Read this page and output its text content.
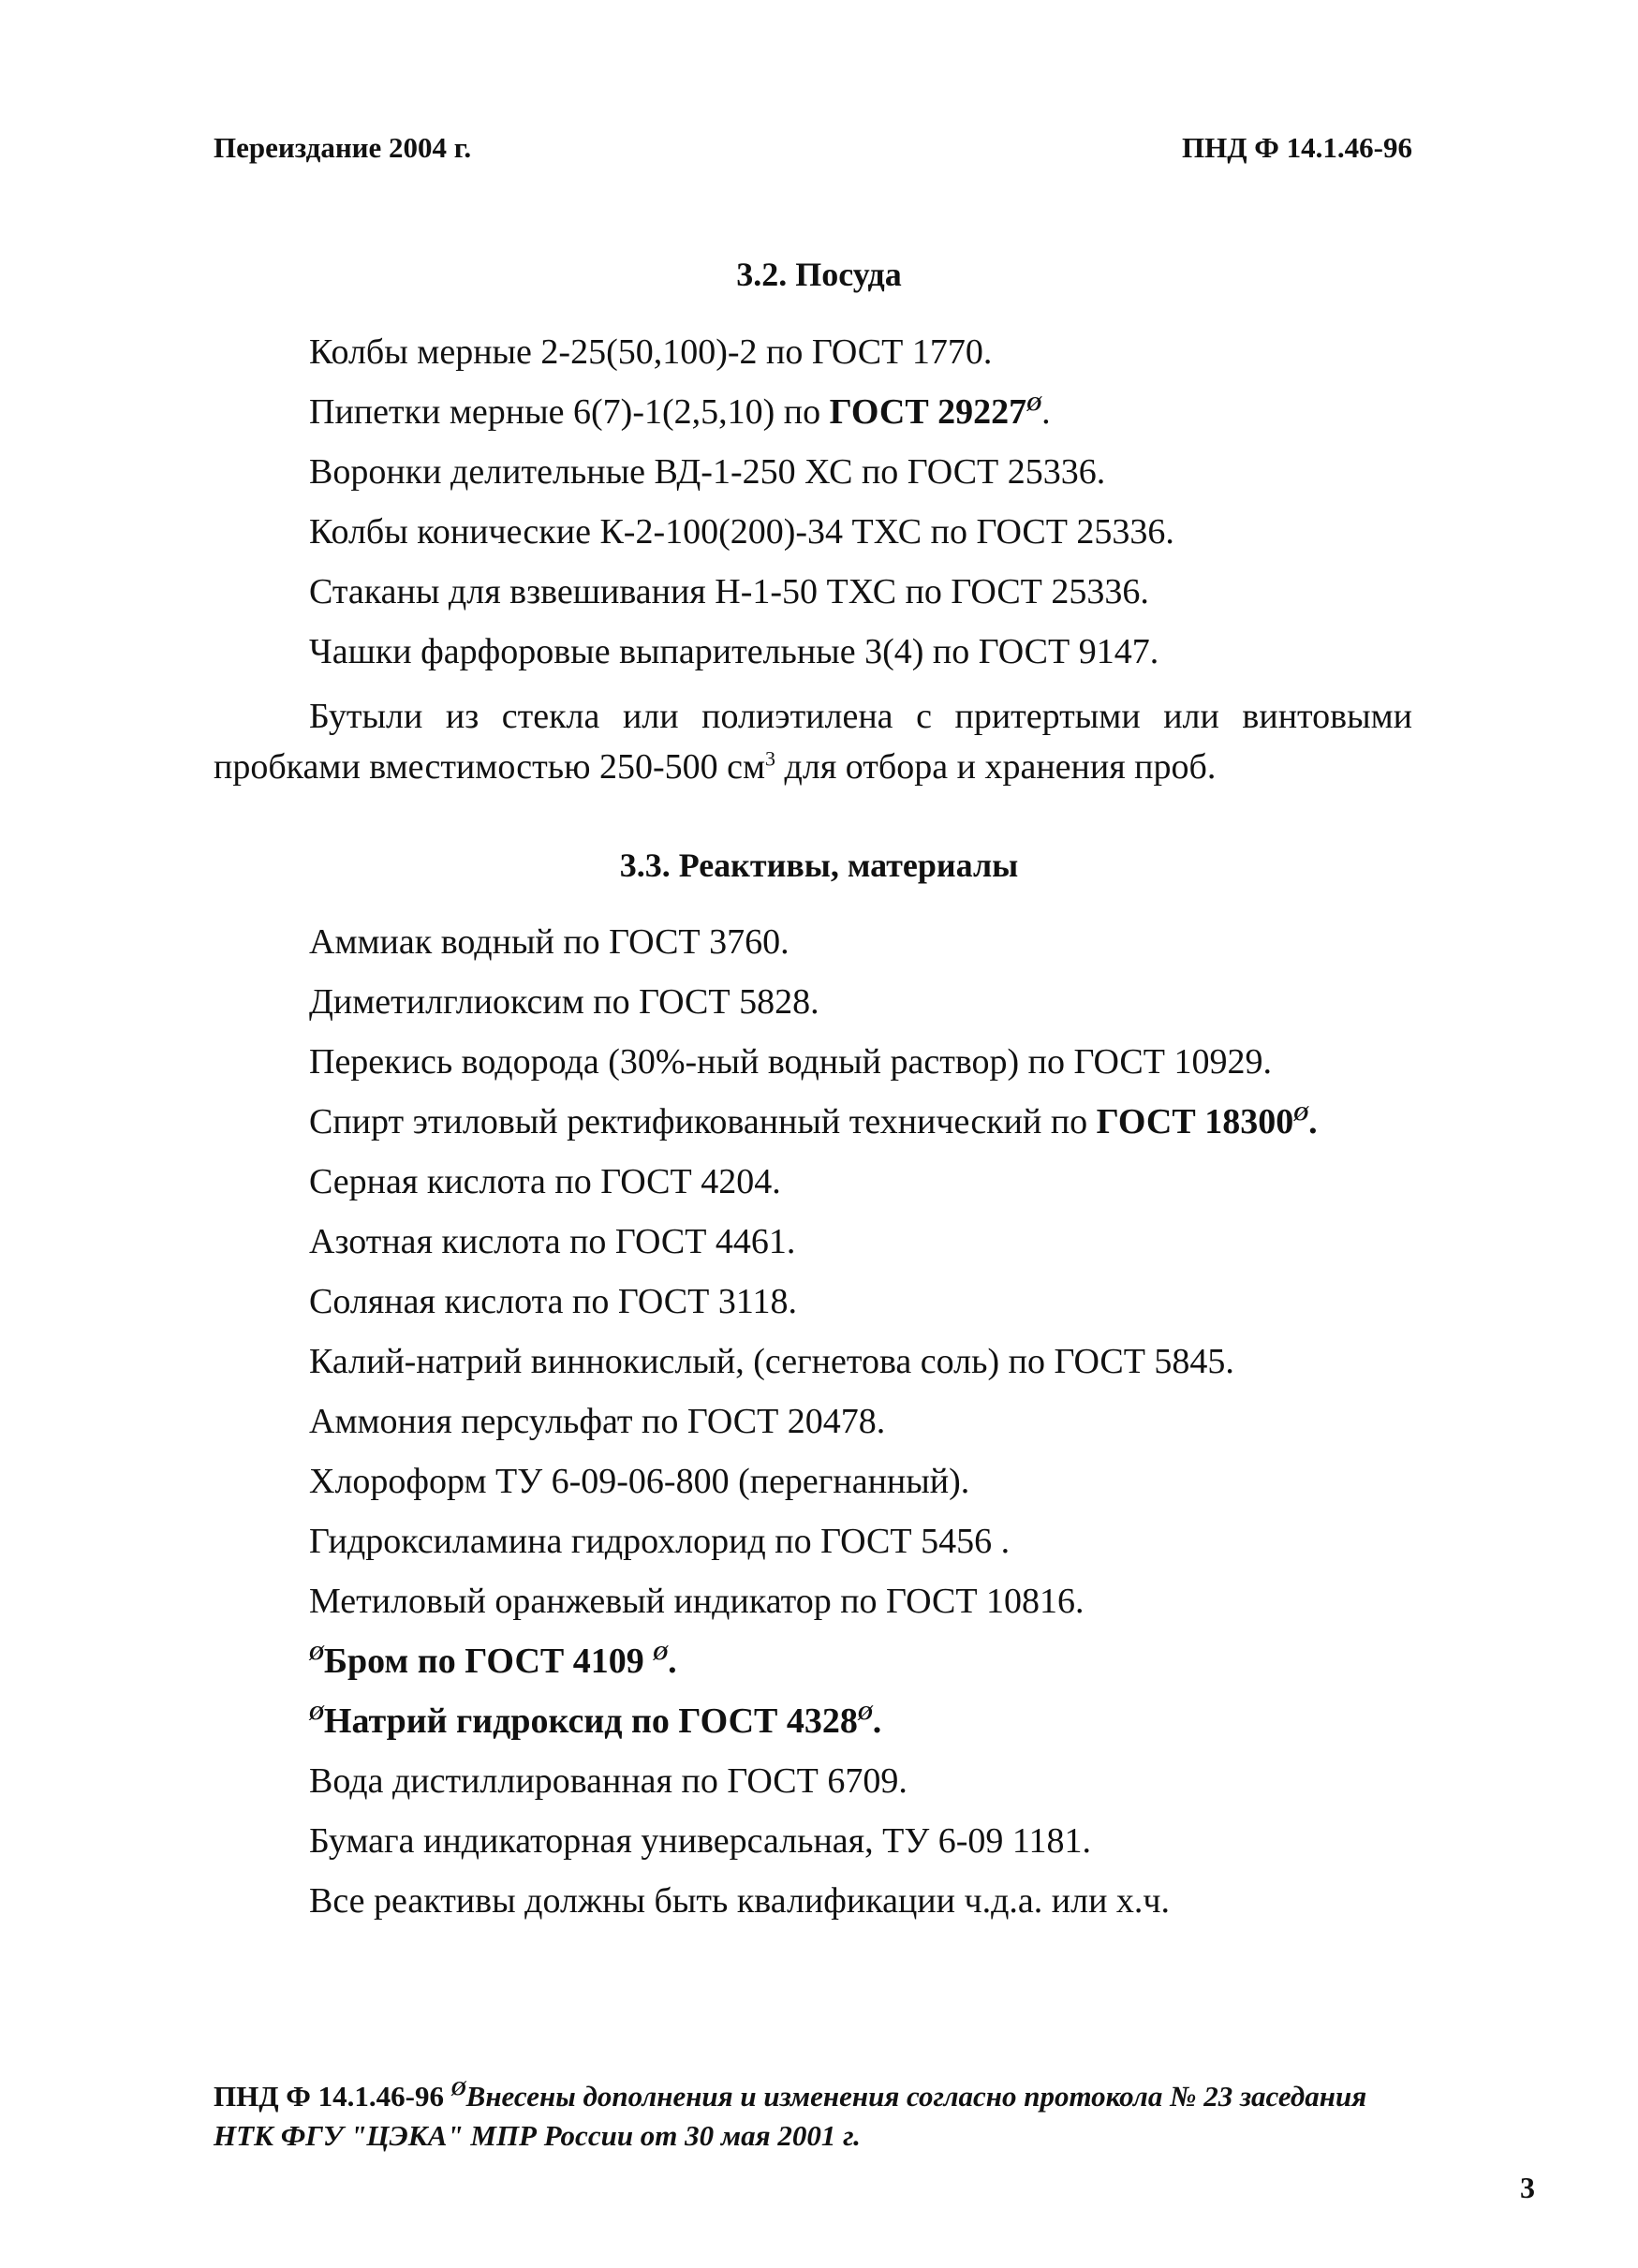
Переиздание 2004 г.	ПНД Ф 14.1.46-96
3.2. Посуда
Колбы мерные 2-25(50,100)-2 по ГОСТ 1770.
Пипетки мерные 6(7)-1(2,5,10) по ГОСТ $29227^Ø$.
Воронки делительные ВД-1-250 ХС по ГОСТ 25336.
Колбы конические К-2-100(200)-34 ТХС по ГОСТ 25336.
Стаканы для взвешивания Н-1-50 ТХС по ГОСТ 25336.
Чашки фарфоровые выпарительные 3(4) по ГОСТ 9147.
Бутыли из стекла или полиэтилена с притертыми или винтовыми пробками вместимостью 250-500 $см^3$ для отбора и хранения проб.
3.3. Реактивы, материалы
Аммиак водный по ГОСТ 3760.
Диметилглиоксим по ГОСТ 5828.
Перекись водорода (30%-ный водный раствор) по ГОСТ 10929.
Спирт этиловый ректификованный технический по ГОСТ $18300^Ø$.
Серная кислота по ГОСТ 4204.
Азотная кислота по ГОСТ 4461.
Соляная кислота по ГОСТ 3118.
Калий-натрий виннокислый, (сегнетова соль) по ГОСТ 5845.
Аммония персульфат по ГОСТ 20478.
Хлороформ ТУ 6-09-06-800 (перегнанный).
Гидроксиламина гидрохлорид по ГОСТ 5456 .
Метиловый оранжевый индикатор по ГОСТ 10816.
$^Ø$Бром по ГОСТ 4109 $^Ø$.
$^Ø$Натрий гидроксид по ГОСТ $4328^Ø$.
Вода дистиллированная по ГОСТ 6709.
Бумага индикаторная универсальная, ТУ 6-09 1181.
Все реактивы должны быть квалификации ч.д.а. или х.ч.
ПНД Ф 14.1.46-96 $^Ø$Внесены дополнения и изменения согласно протокола № 23 заседания НТК ФГУ "ЦЭКА" МПР России от 30 мая 2001 г.
3
